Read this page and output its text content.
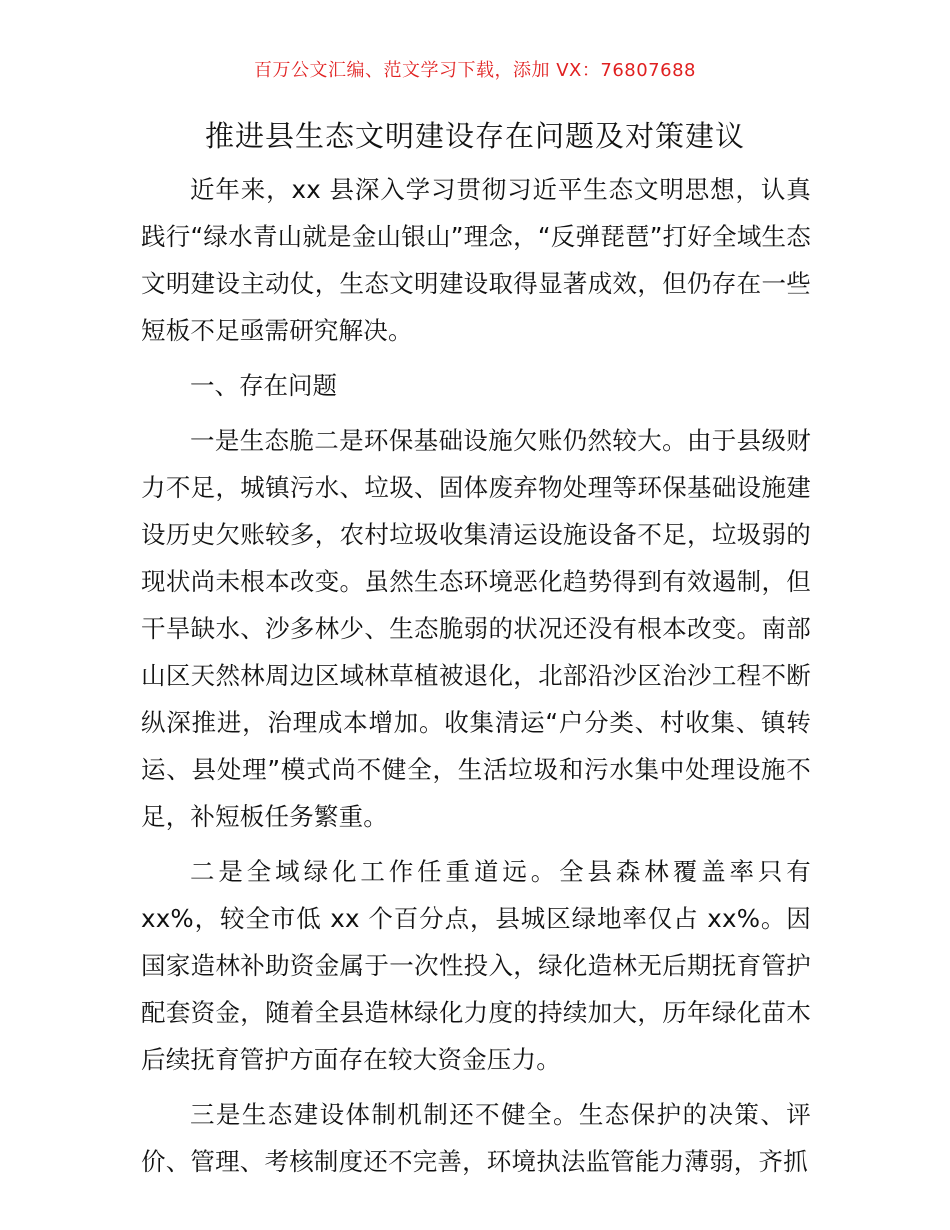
百万公文汇编、范文学习下载，添加 VX：76807688
推进县生态文明建设存在问题及对策建议

近年来，xx 县深入学习贯彻习近平生态文明思想，认真践行“绿水青山就是金山银山”理念，“反弹琵琶”打好全域生态文明建设主动仗，生态文明建设取得显著成效，但仍存在一些短板不足亟需研究解决。

一、存在问题

一是生态脆二是环保基础设施欠账仍然较大。由于县级财力不足，城镇污水、垃圾、固体废弃物处理等环保基础设施建设历史欠账较多，农村垃圾收集清运设施设备不足，垃圾弱的现状尚未根本改变。虽然生态环境恶化趋势得到有效遏制，但干旱缺水、沙多林少、生态脆弱的状况还没有根本改变。南部山区天然林周边区域林草植被退化，北部沿沙区治沙工程不断纵深推进，治理成本增加。收集清运“户分类、村收集、镇转运、县处理”模式尚不健全，生活垃圾和污水集中处理设施不足，补短板任务繁重。

二是全域绿化工作任重道远。全县森林覆盖率只有 xx%，较全市低 xx 个百分点，县城区绿地率仅占 xx%。因国家造林补助资金属于一次性投入，绿化造林无后期抚育管护配套资金，随着全县造林绿化力度的持续加大，历年绿化苗木后续抚育管护方面存在较大资金压力。

三是生态建设体制机制还不健全。生态保护的决策、评价、管理、考核制度还不完善，环境执法监管能力薄弱，齐抓
